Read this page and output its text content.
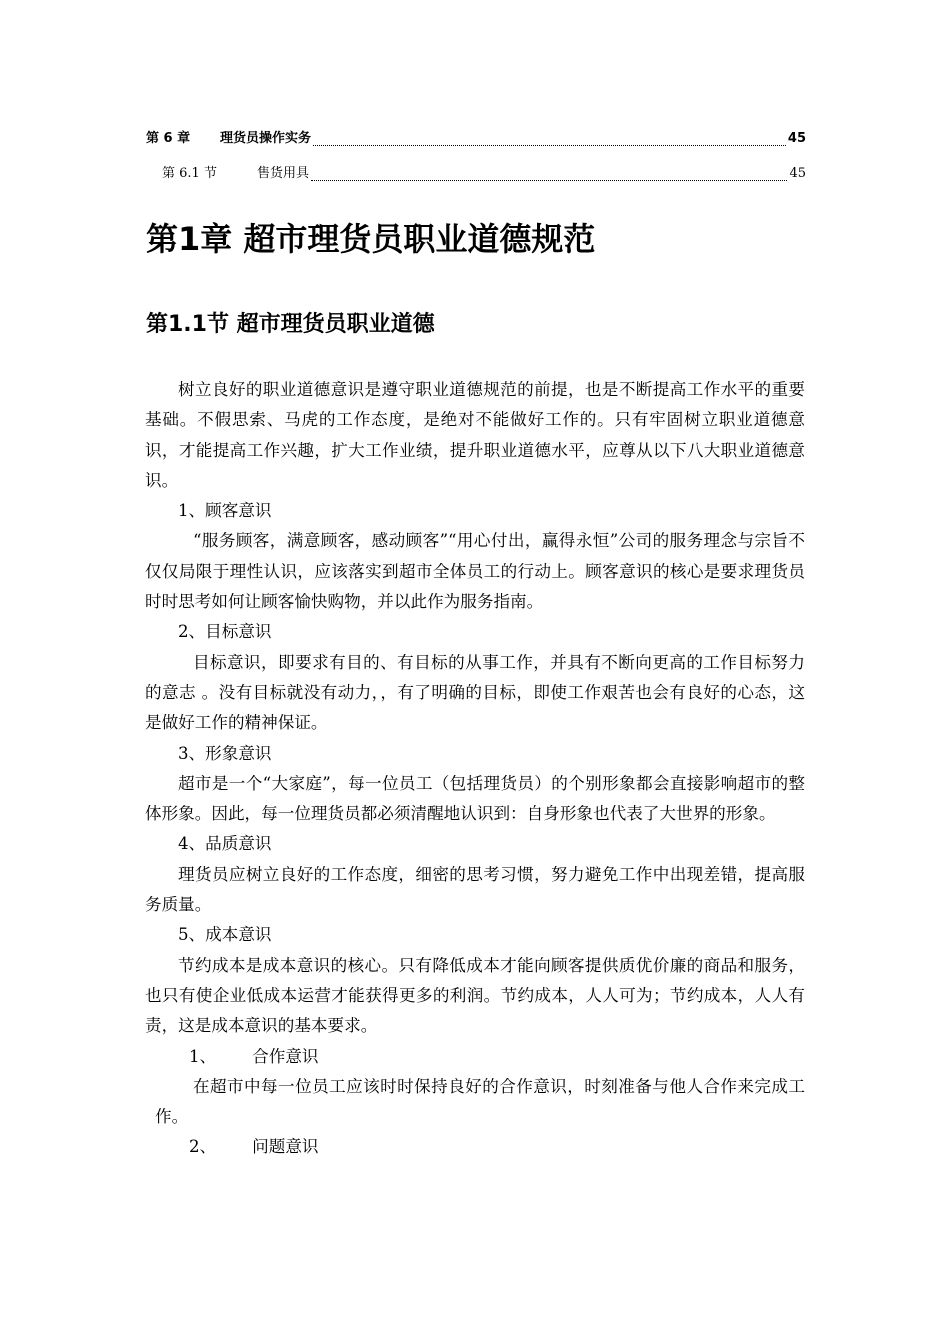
第 6 章	理货员操作实务	45
第 6.1 节	售货用具	45
第1章 超市理货员职业道德规范
第1.1节 超市理货员职业道德

树立良好的职业道德意识是遵守职业道德规范的前提，也是不断提高工作水平的重要基础。不假思索、马虎的工作态度，是绝对不能做好工作的。只有牢固树立职业道德意识，才能提高工作兴趣，扩大工作业绩，提升职业道德水平，应尊从以下八大职业道德意识。

1、顾客意识

“服务顾客，满意顾客，感动顾客”“用心付出，赢得永恒”公司的服务理念与宗旨不仅仅局限于理性认识，应该落实到超市全体员工的行动上。顾客意识的核心是要求理货员时时思考如何让顾客愉快购物，并以此作为服务指南。

2、目标意识

目标意识，即要求有目的、有目标的从事工作，并具有不断向更高的工作目标努力的意志 。没有目标就没有动力，，有了明确的目标，即使工作艰苦也会有良好的心态，这是做好工作的精神保证。

3、形象意识

超市是一个“大家庭”，每一位员工（包括理货员）的个别形象都会直接影响超市的整体形象。因此，每一位理货员都必须清醒地认识到：自身形象也代表了大世界的形象。

4、品质意识

理货员应树立良好的工作态度，细密的思考习惯，努力避免工作中出现差错，提高服务质量。

5、成本意识

节约成本是成本意识的核心。只有降低成本才能向顾客提供质优价廉的商品和服务，也只有使企业低成本运营才能获得更多的利润。节约成本，人人可为；节约成本，人人有责，这是成本意识的基本要求。

1、 合作意识

在超市中每一位员工应该时时保持良好的合作意识，时刻准备与他人合作来完成工作。

2、 问题意识
